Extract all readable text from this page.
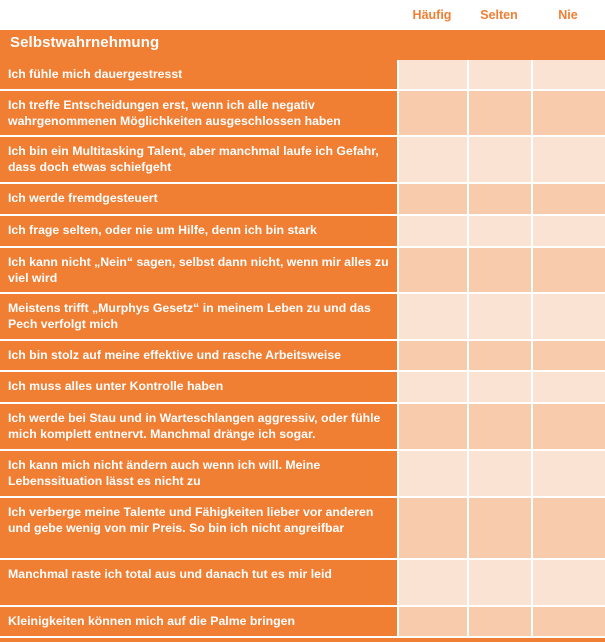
Häufig	Selten	Nie
Selbstwahrnehmung
Ich fühle mich dauergestresst
Ich treffe Entscheidungen erst, wenn ich alle negativ wahrgenommenen Möglichkeiten ausgeschlossen haben
Ich bin ein Multitasking Talent, aber manchmal laufe ich Gefahr, dass doch etwas schiefgeht
Ich werde fremdgesteuert
Ich frage selten, oder nie um Hilfe, denn ich bin stark
Ich kann nicht „Nein“ sagen, selbst dann nicht, wenn mir alles zu viel wird
Meistens trifft „Murphys Gesetz“ in meinem Leben zu und das Pech verfolgt mich
Ich bin stolz auf meine effektive und rasche Arbeitsweise
Ich muss alles unter Kontrolle haben
Ich werde bei Stau und in Warteschlangen aggressiv, oder fühle mich komplett entnervt. Manchmal dränge ich sogar.
Ich kann mich nicht ändern auch wenn ich will. Meine Lebenssituation lässt es nicht zu
Ich verberge meine Talente und Fähigkeiten lieber vor anderen und gebe wenig von mir Preis. So bin ich nicht angreifbar
Manchmal raste ich total aus und danach tut es mir leid
Kleinigkeiten können mich auf die Palme bringen
